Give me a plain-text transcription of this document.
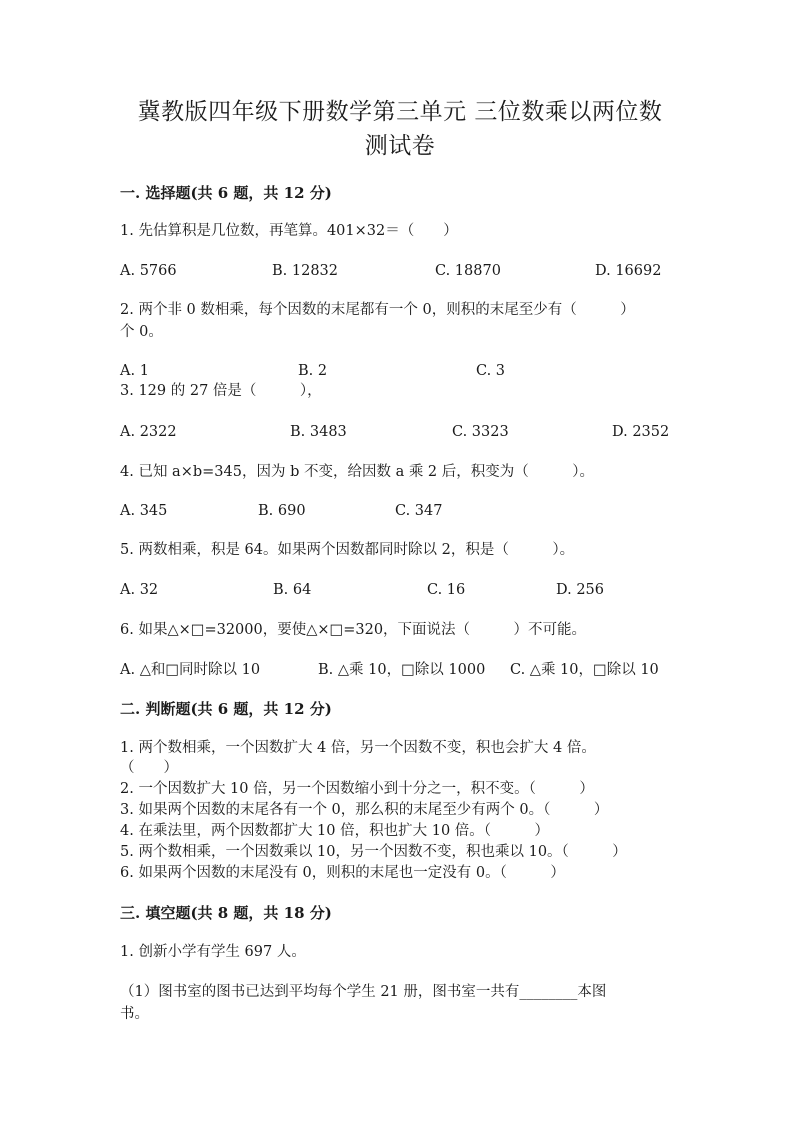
冀教版四年级下册数学第三单元 三位数乘以两位数
测试卷
一. 选择题(共 6 题，共 12 分)
1. 先估算积是几位数，再笔算。401×32＝（　　）
A. 5766	B. 12832	C. 18870	D. 16692
2. 两个非 0 数相乘，每个因数的末尾都有一个 0，则积的末尾至少有（　　　）
个 0。
A. 1	B. 2	C. 3
3. 129 的 27 倍是（　　　），
A. 2322	B. 3483	C. 3323	D. 2352
4. 已知 a×b=345，因为 b 不变，给因数 a 乘 2 后，积变为（　　　）。
A. 345	B. 690	C. 347
5. 两数相乘，积是 64。如果两个因数都同时除以 2，积是（　　　）。
A. 32	B. 64	C. 16	D. 256
6. 如果△×□=32000，要使△×□=320，下面说法（　　　）不可能。
A. △和□同时除以 10	B. △乘 10，□除以 1000 C. △乘 10，□除以 10
二. 判断题(共 6 题，共 12 分)
1. 两个数相乘，一个因数扩大 4 倍，另一个因数不变，积也会扩大 4 倍。
（　　）
2. 一个因数扩大 10 倍，另一个因数缩小到十分之一，积不变。（　　　）
3. 如果两个因数的末尾各有一个 0，那么积的末尾至少有两个 0。（　　　）
4. 在乘法里，两个因数都扩大 10 倍，积也扩大 10 倍。（　　　）
5. 两个数相乘，一个因数乘以 10，另一个因数不变，积也乘以 10。（　　　）
6. 如果两个因数的末尾没有 0，则积的末尾也一定没有 0。（　　　）
三. 填空题(共 8 题，共 18 分)
1. 创新小学有学生 697 人。
（1）图书室的图书已达到平均每个学生 21 册，图书室一共有________本图
书。
